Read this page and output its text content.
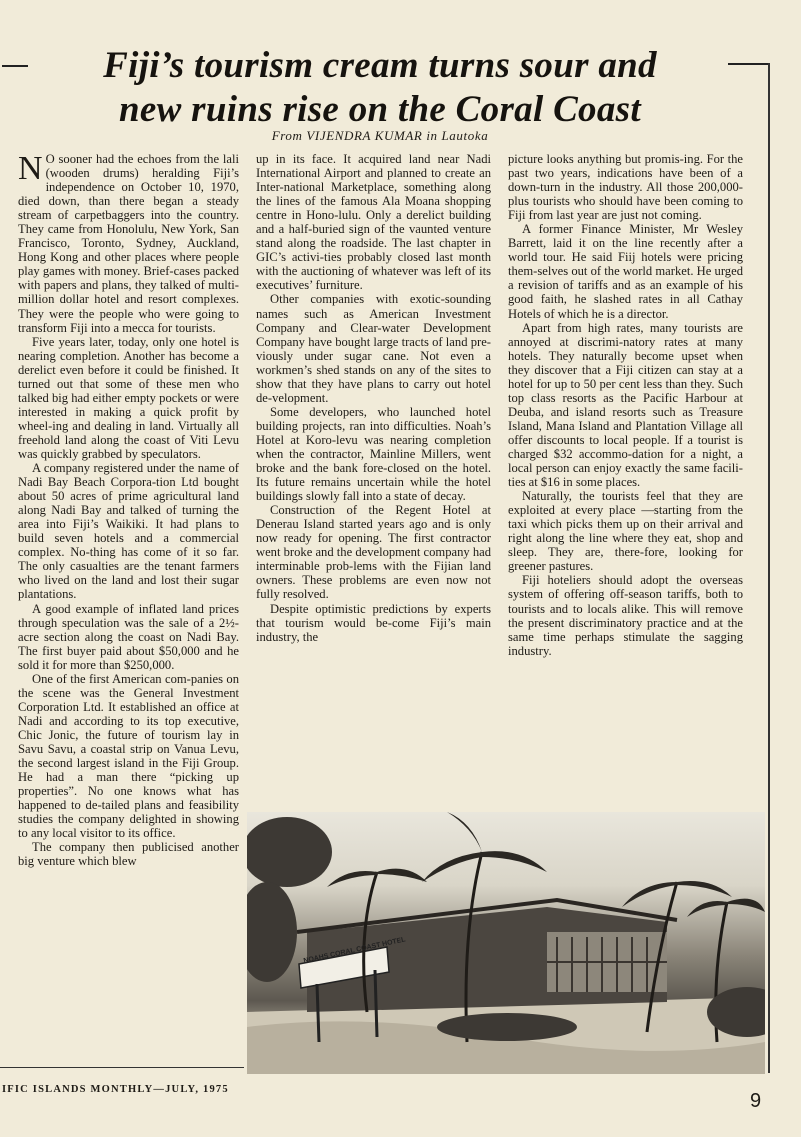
Fiji’s tourism cream turns sour and
new ruins rise on the Coral Coast
From VIJENDRA KUMAR in Lautoka
N O sooner had the echoes from the lali (wooden drums) heralding Fiji’s independence on October 10, 1970, died down, than there began a steady stream of carpetbaggers into the country. They came from Honolulu, New York, San Francisco, Toronto, Sydney, Auckland, Hong Kong and other places where people play games with money. Brief-cases packed with papers and plans, they talked of multi-million dollar hotel and resort complexes. They were the people who were going to transform Fiji into a mecca for tourists.

Five years later, today, only one hotel is nearing completion. Another has become a derelict even before it could be finished. It turned out that some of these men who talked big had either empty pockets or were interested in making a quick profit by wheel-ing and dealing in land. Virtually all freehold land along the coast of Viti Levu was quickly grabbed by speculators.

A company registered under the name of Nadi Bay Beach Corpora-tion Ltd bought about 50 acres of prime agricultural land along Nadi Bay and talked of turning the area into Fiji’s Waikiki. It had plans to build seven hotels and a commercial complex. No-thing has come of it so far. The only casualties are the tenant farmers who lived on the land and lost their sugar plantations.

A good example of inflated land prices through speculation was the sale of a 2½-acre section along the coast on Nadi Bay. The first buyer paid about $50,000 and he sold it for more than $250,000.

One of the first American com-panies on the scene was the General Investment Corporation Ltd. It established an office at Nadi and according to its top executive, Chic Jonic, the future of tourism lay in Savu Savu, a coastal strip on Vanua Levu, the second largest island in the Fiji Group. He had a man there “picking up properties”. No one knows what has happened to de-tailed plans and feasibility studies the company delighted in showing to any local visitor to its office.

The company then publicised another big venture which blew

up in its face. It acquired land near Nadi International Airport and planned to create an Inter-national Marketplace, something along the lines of the famous Ala Moana shopping centre in Hono-lulu. Only a derelict building and a half-buried sign of the vaunted venture stand along the roadside. The last chapter in GIC’s activi-ties probably closed last month with the auctioning of whatever was left of its executives’ furniture.

Other companies with exotic-sounding names such as American Investment Company and Clear-water Development Company have bought large tracts of land pre-viously under sugar cane. Not even a workmen’s shed stands on any of the sites to show that they have plans to carry out hotel de-velopment.

Some developers, who launched hotel building projects, ran into difficulties. Noah’s Hotel at Koro-levu was nearing completion when the contractor, Mainline Millers, went broke and the bank fore-closed on the hotel. Its future remains uncertain while the hotel buildings slowly fall into a state of decay.

Construction of the Regent Hotel at Denerau Island started years ago and is only now ready for opening. The first contractor went broke and the development company had interminable prob-lems with the Fijian land owners. These problems are even now not fully resolved.

Despite optimistic predictions by experts that tourism would be-come Fiji’s main industry, the

picture looks anything but promis-ing. For the past two years, indications have been of a down-turn in the industry. All those 200,000-plus tourists who should have been coming to Fiji from last year are just not coming.

A former Finance Minister, Mr Wesley Barrett, laid it on the line recently after a world tour. He said Fiij hotels were pricing them-selves out of the world market. He urged a revision of tariffs and as an example of his good faith, he slashed rates in all Cathay Hotels of which he is a director.

Apart from high rates, many tourists are annoyed at discrimi-natory rates at many hotels. They naturally become upset when they discover that a Fiji citizen can stay at a hotel for up to 50 per cent less than they. Such top class resorts as the Pacific Harbour at Deuba, and island resorts such as Treasure Island, Mana Island and Plantation Village all offer discounts to local people. If a tourist is charged $32 accommo-dation for a night, a local person can enjoy exactly the same facili-ties at $16 in some places.

Naturally, the tourists feel that they are exploited at every place —starting from the taxi which picks them up on their arrival and right along the line where they eat, shop and sleep. They are, there-fore, looking for greener pastures.

Fiji hoteliers should adopt the overseas system of offering off-season tariffs, both to tourists and to locals alike. This will remove the present discriminatory practice and at the same time perhaps stimulate the sagging industry.

NOAHS CORAL COAST HOTEL
IFIC ISLANDS MONTHLY—JULY, 1975
9
